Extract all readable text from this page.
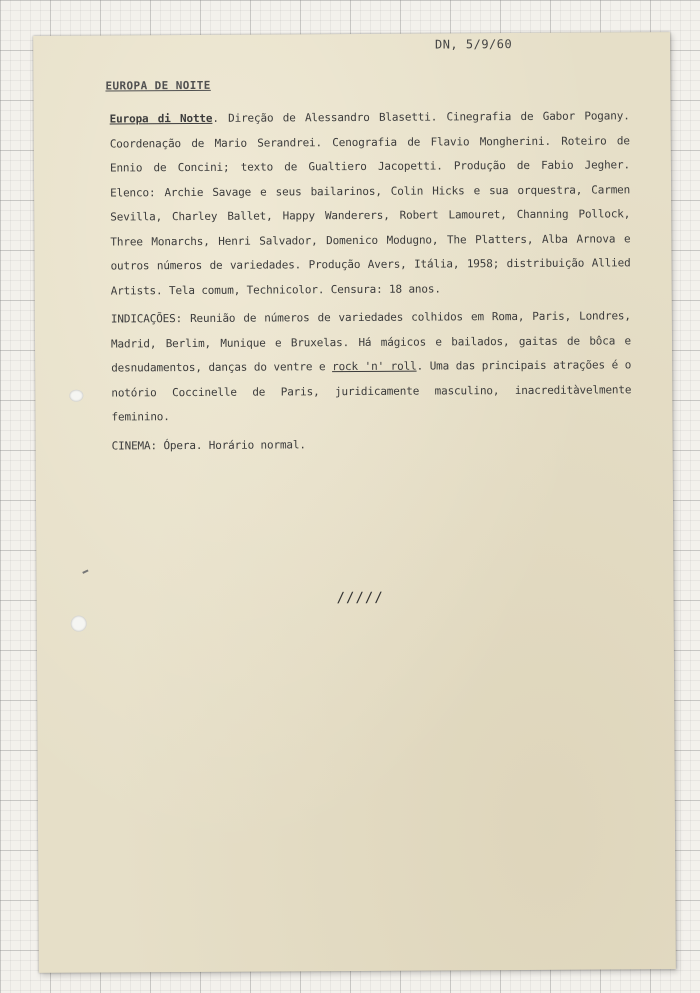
DN, 5/9/60
EUROPA DE NOITE

Europa di Notte. Direção de Alessandro Blasetti. Cinegrafia de Gabor Pogany. Coordenação de Mario Serandrei. Cenografia de Flavio Mongherini. Roteiro de Ennio de Concini; texto de Gualtiero Jacopetti. Produção de Fabio Jegher. Elenco: Archie Savage e seus bailarinos, Colin Hicks e sua orquestra, Carmen Sevilla, Charley Ballet, Happy Wanderers, Robert Lamouret, Channing Pollock, Three Monarchs, Henri Salvador, Domenico Modugno, The Platters, Alba Arnova e outros números de variedades. Produção Avers, Itália, 1958; distribuição Allied Artists. Tela comum, Technicolor. Censura: 18 anos.

INDICAÇÕES: Reunião de números de variedades colhidos em Roma, Paris, Londres, Madrid, Berlim, Munique e Bruxelas. Há mágicos e bailados, gaitas de bôca e desnudamentos, danças do ventre e rock 'n' roll. Uma das principais atrações é o notório Coccinelle de Paris, juridicamente masculino, inacreditàvelmente feminino.

CINEMA: Ópera. Horário normal.

/////
